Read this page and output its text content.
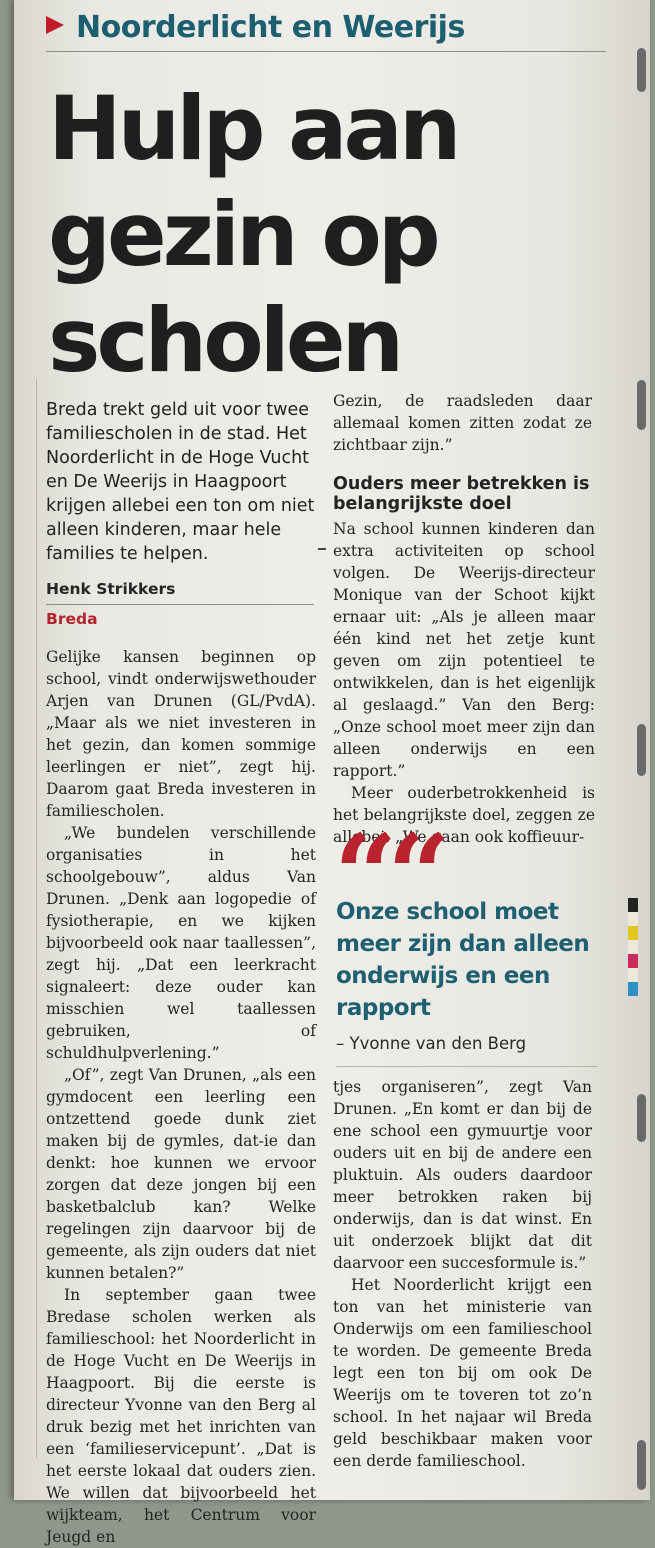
Noorderlicht en Weerijs
Hulp aan
gezin op
scholen
Breda trekt geld uit voor twee familiescholen in de stad. Het Noorderlicht in de Hoge Vucht en De Weerijs in Haagpoort krijgen allebei een ton om niet alleen kinderen, maar hele families te helpen.
Henk Strikkers
Breda

Gelijke kansen beginnen op school, vindt onderwijswethouder Arjen van Drunen (GL/PvdA). „Maar als we niet investeren in het gezin, dan komen sommige leerlingen er niet”, zegt hij. Daarom gaat Breda investeren in familiescholen.

„We bundelen verschillende organisaties in het schoolgebouw”, aldus Van Drunen. „Denk aan logopedie of fysiotherapie, en we kijken bijvoorbeeld ook naar taallessen”, zegt hij. „Dat een leerkracht signaleert: deze ouder kan misschien wel taallessen gebruiken, of schuldhulpverlening.”

„Of”, zegt Van Drunen, „als een gymdocent een leerling een ontzettend goede dunk ziet maken bij de gymles, dat-ie dan denkt: hoe kunnen we ervoor zorgen dat deze jongen bij een basketbalclub kan? Welke regelingen zijn daarvoor bij de gemeente, als zijn ouders dat niet kunnen betalen?”

In september gaan twee Bredase scholen werken als familieschool: het Noorderlicht in de Hoge Vucht en De Weerijs in Haagpoort. Bij die eerste is directeur Yvonne van den Berg al druk bezig met het inrichten van een ‘familieservicepunt’. „Dat is het eerste lokaal dat ouders zien. We willen dat bijvoorbeeld het wijkteam, het Centrum voor Jeugd en

Gezin, de raadsleden daar allemaal komen zitten zodat ze zichtbaar zijn.”

Ouders meer betrekken is belangrijkste doel

Na school kunnen kinderen dan extra activiteiten op school volgen. De Weerijs-directeur Monique van der Schoot kijkt ernaar uit: „Als je alleen maar één kind net het zetje kunt geven om zijn potentieel te ontwikkelen, dan is het eigenlijk al geslaagd.” Van den Berg: „Onze school moet meer zijn dan alleen onderwijs en een rapport.”

Meer ouderbetrokkenheid is het belangrijkste doel, zeggen ze allebei. „We gaan ook koffieuur-

““
Onze school moet meer zijn dan alleen onderwijs en een rapport
– Yvonne van den Berg

tjes organiseren”, zegt Van Drunen. „En komt er dan bij de ene school een gymuurtje voor ouders uit en bij de andere een pluktuin. Als ouders daardoor meer betrokken raken bij onderwijs, dan is dat winst. En uit onderzoek blijkt dat dit daarvoor een succesformule is.”

Het Noorderlicht krijgt een ton van het ministerie van Onderwijs om een familieschool te worden. De gemeente Breda legt een ton bij om ook De Weerijs om te toveren tot zo’n school. In het najaar wil Breda geld beschikbaar maken voor een derde familieschool.
